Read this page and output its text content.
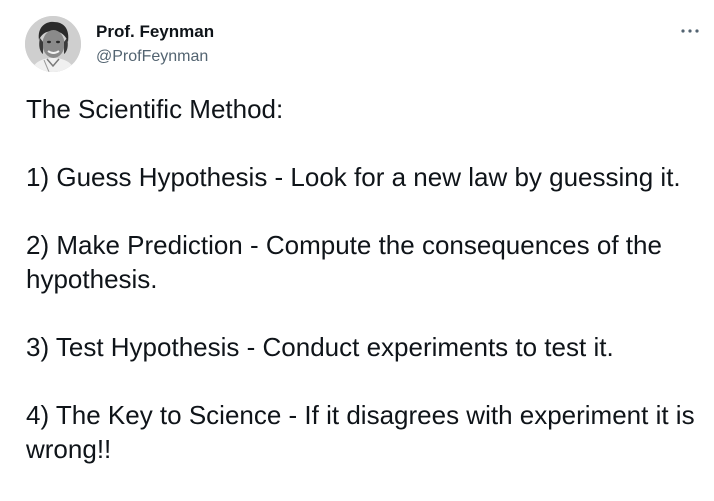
Prof. Feynman
@ProfFeynman

The Scientific Method:

1) Guess Hypothesis - Look for a new law by guessing it.

2) Make Prediction - Compute the consequences of the hypothesis.

3) Test Hypothesis - Conduct experiments to test it.

4) The Key to Science - If it disagrees with experiment it is wrong!!
